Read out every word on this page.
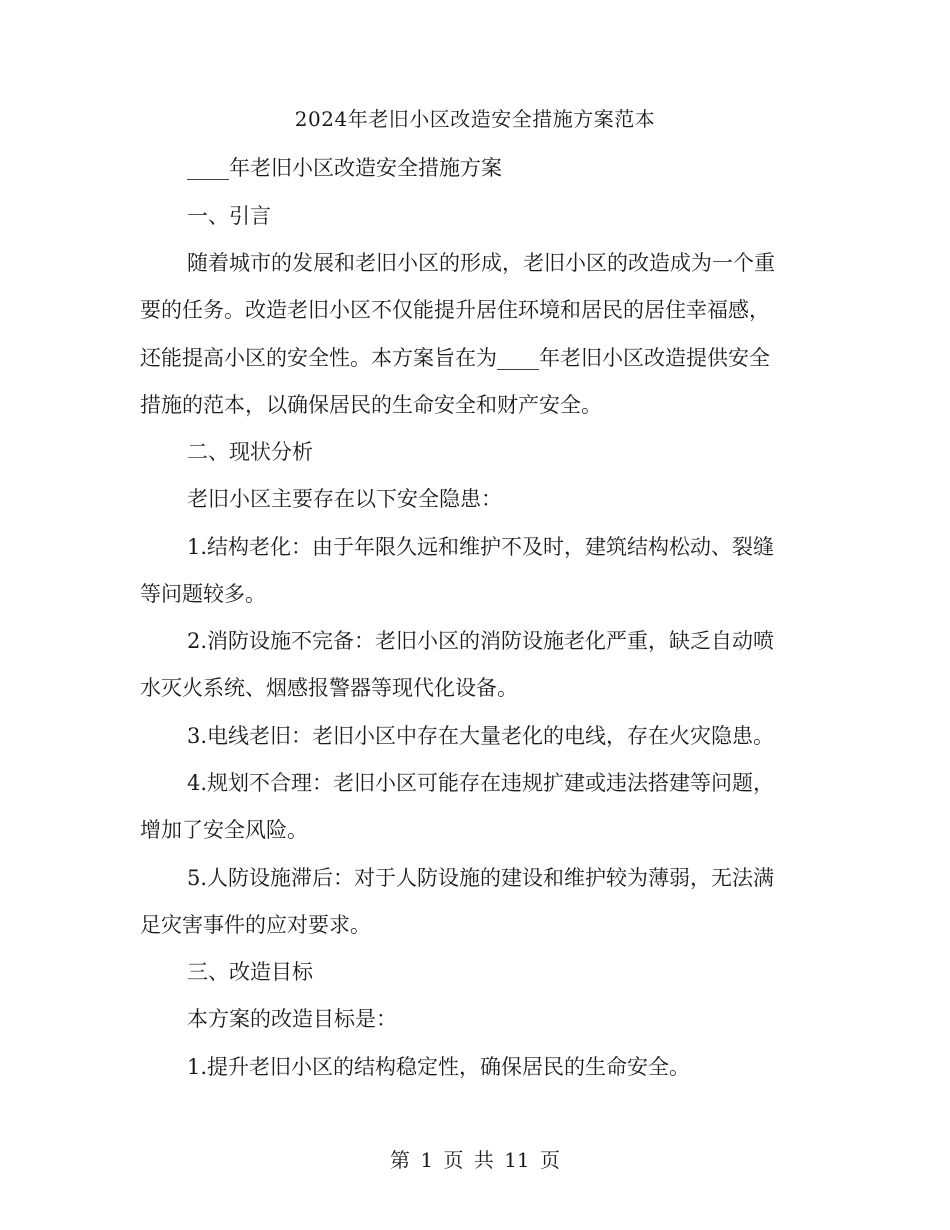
2024年老旧小区改造安全措施方案范本
____年老旧小区改造安全措施方案
一、引言
随着城市的发展和老旧小区的形成，老旧小区的改造成为一个重
要的任务。改造老旧小区不仅能提升居住环境和居民的居住幸福感，
还能提高小区的安全性。本方案旨在为____年老旧小区改造提供安全
措施的范本，以确保居民的生命安全和财产安全。
二、现状分析
老旧小区主要存在以下安全隐患：
1.结构老化：由于年限久远和维护不及时，建筑结构松动、裂缝
等问题较多。
2.消防设施不完备：老旧小区的消防设施老化严重，缺乏自动喷
水灭火系统、烟感报警器等现代化设备。
3.电线老旧：老旧小区中存在大量老化的电线，存在火灾隐患。
4.规划不合理：老旧小区可能存在违规扩建或违法搭建等问题，
增加了安全风险。
5.人防设施滞后：对于人防设施的建设和维护较为薄弱，无法满
足灾害事件的应对要求。
三、改造目标
本方案的改造目标是：
1.提升老旧小区的结构稳定性，确保居民的生命安全。
第 1 页 共 11 页
